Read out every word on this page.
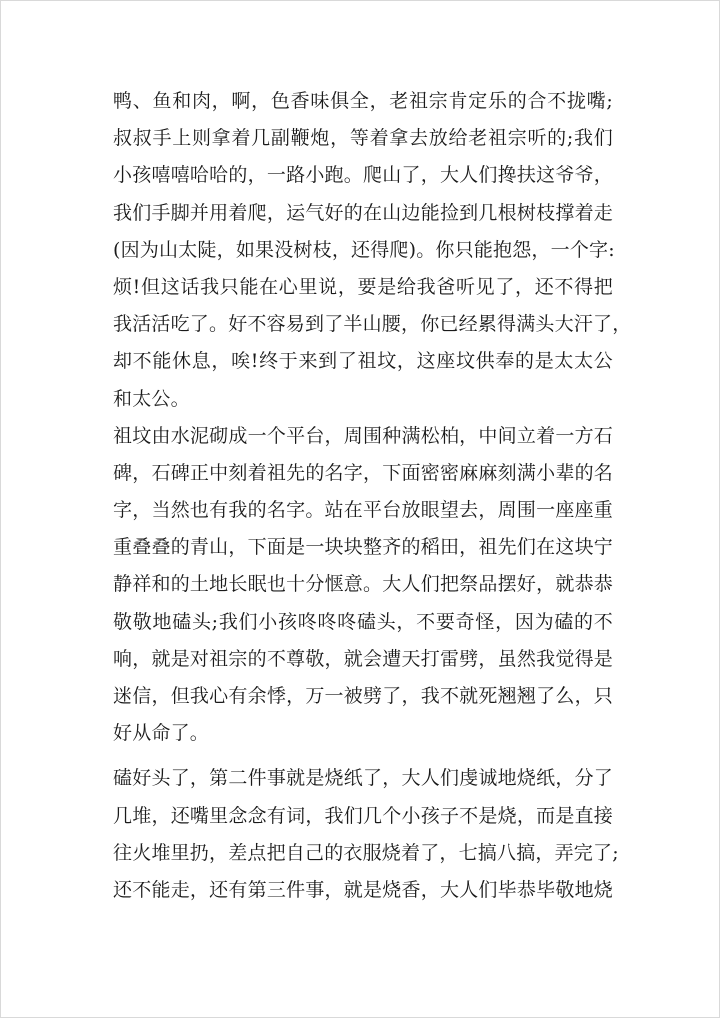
鸭、鱼和肉，啊，色香味俱全，老祖宗肯定乐的合不拢嘴;
叔叔手上则拿着几副鞭炮，等着拿去放给老祖宗听的;我们
小孩嘻嘻哈哈的，一路小跑。爬山了，大人们搀扶这爷爷，
我们手脚并用着爬，运气好的在山边能捡到几根树枝撑着走
(因为山太陡，如果没树枝，还得爬)。你只能抱怨，一个字:
烦!但这话我只能在心里说，要是给我爸听见了，还不得把
我活活吃了。好不容易到了半山腰，你已经累得满头大汗了，
却不能休息，唉!终于来到了祖坟，这座坟供奉的是太太公
和太公。
祖坟由水泥砌成一个平台，周围种满松柏，中间立着一方石
碑，石碑正中刻着祖先的名字，下面密密麻麻刻满小辈的名
字，当然也有我的名字。站在平台放眼望去，周围一座座重
重叠叠的青山，下面是一块块整齐的稻田，祖先们在这块宁
静祥和的土地长眠也十分惬意。大人们把祭品摆好，就恭恭
敬敬地磕头;我们小孩咚咚咚磕头，不要奇怪，因为磕的不
响，就是对祖宗的不尊敬，就会遭天打雷劈，虽然我觉得是
迷信，但我心有余悸，万一被劈了，我不就死翘翘了么，只
好从命了。
磕好头了，第二件事就是烧纸了，大人们虔诚地烧纸，分了
几堆，还嘴里念念有词，我们几个小孩子不是烧，而是直接
往火堆里扔，差点把自己的衣服烧着了，七搞八搞，弄完了;
还不能走，还有第三件事，就是烧香，大人们毕恭毕敬地烧
